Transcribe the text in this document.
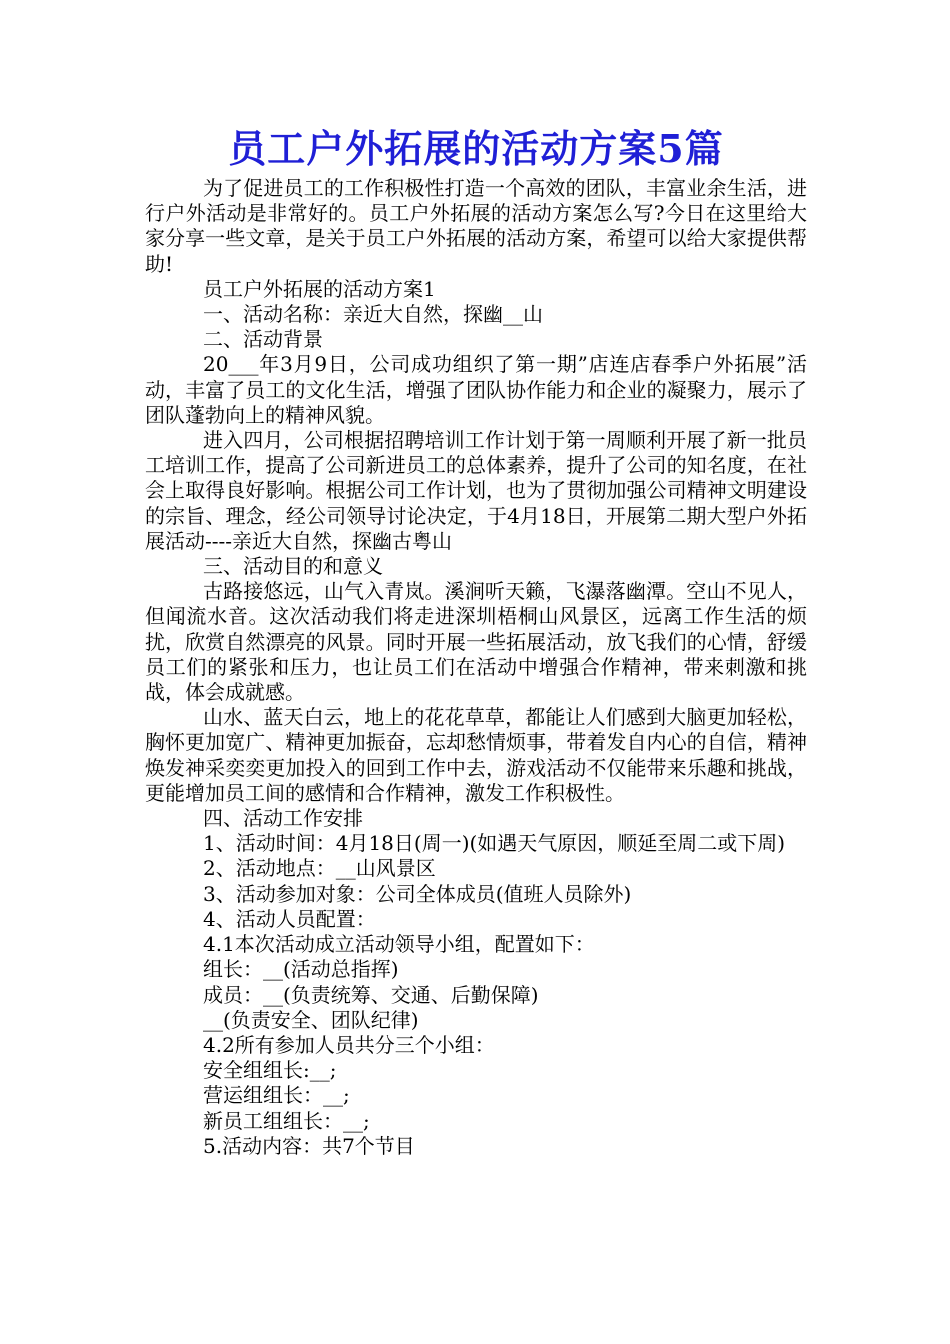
员工户外拓展的活动方案5篇

为了促进员工的工作积极性打造一个高效的团队，丰富业余生活，进行户外活动是非常好的。员工户外拓展的活动方案怎么写?今日在这里给大家分享一些文章，是关于员工户外拓展的活动方案，希望可以给大家提供帮助!

员工户外拓展的活动方案1

一、活动名称：亲近大自然，探幽__山

二、活动背景

20___年3月9日，公司成功组织了第一期”店连店春季户外拓展”活动，丰富了员工的文化生活，增强了团队协作能力和企业的凝聚力，展示了团队蓬勃向上的精神风貌。

进入四月，公司根据招聘培训工作计划于第一周顺利开展了新一批员工培训工作，提高了公司新进员工的总体素养，提升了公司的知名度，在社会上取得良好影响。根据公司工作计划，也为了贯彻加强公司精神文明建设的宗旨、理念，经公司领导讨论决定，于4月18日，开展第二期大型户外拓展活动----亲近大自然，探幽古粤山

三、活动目的和意义

古路接悠远，山气入青岚。溪涧听天籁，飞瀑落幽潭。空山不见人，但闻流水音。这次活动我们将走进深圳梧桐山风景区，远离工作生活的烦扰，欣赏自然漂亮的风景。同时开展一些拓展活动，放飞我们的心情，舒缓员工们的紧张和压力，也让员工们在活动中增强合作精神，带来刺激和挑战，体会成就感。

山水、蓝天白云，地上的花花草草，都能让人们感到大脑更加轻松，胸怀更加宽广、精神更加振奋，忘却愁情烦事，带着发自内心的自信，精神焕发神采奕奕更加投入的回到工作中去，游戏活动不仅能带来乐趣和挑战，更能增加员工间的感情和合作精神，激发工作积极性。

四、活动工作安排

1、活动时间：4月18日(周一)(如遇天气原因，顺延至周二或下周)

2、活动地点：__山风景区

3、活动参加对象：公司全体成员(值班人员除外)

4、活动人员配置：

4.1本次活动成立活动领导小组，配置如下：

组长：__(活动总指挥)

成员：__(负责统筹、交通、后勤保障)

__(负责安全、团队纪律)

4.2所有参加人员共分三个小组：

安全组组长:__;

营运组组长：__;

新员工组组长：__;

5.活动内容：共7个节目
